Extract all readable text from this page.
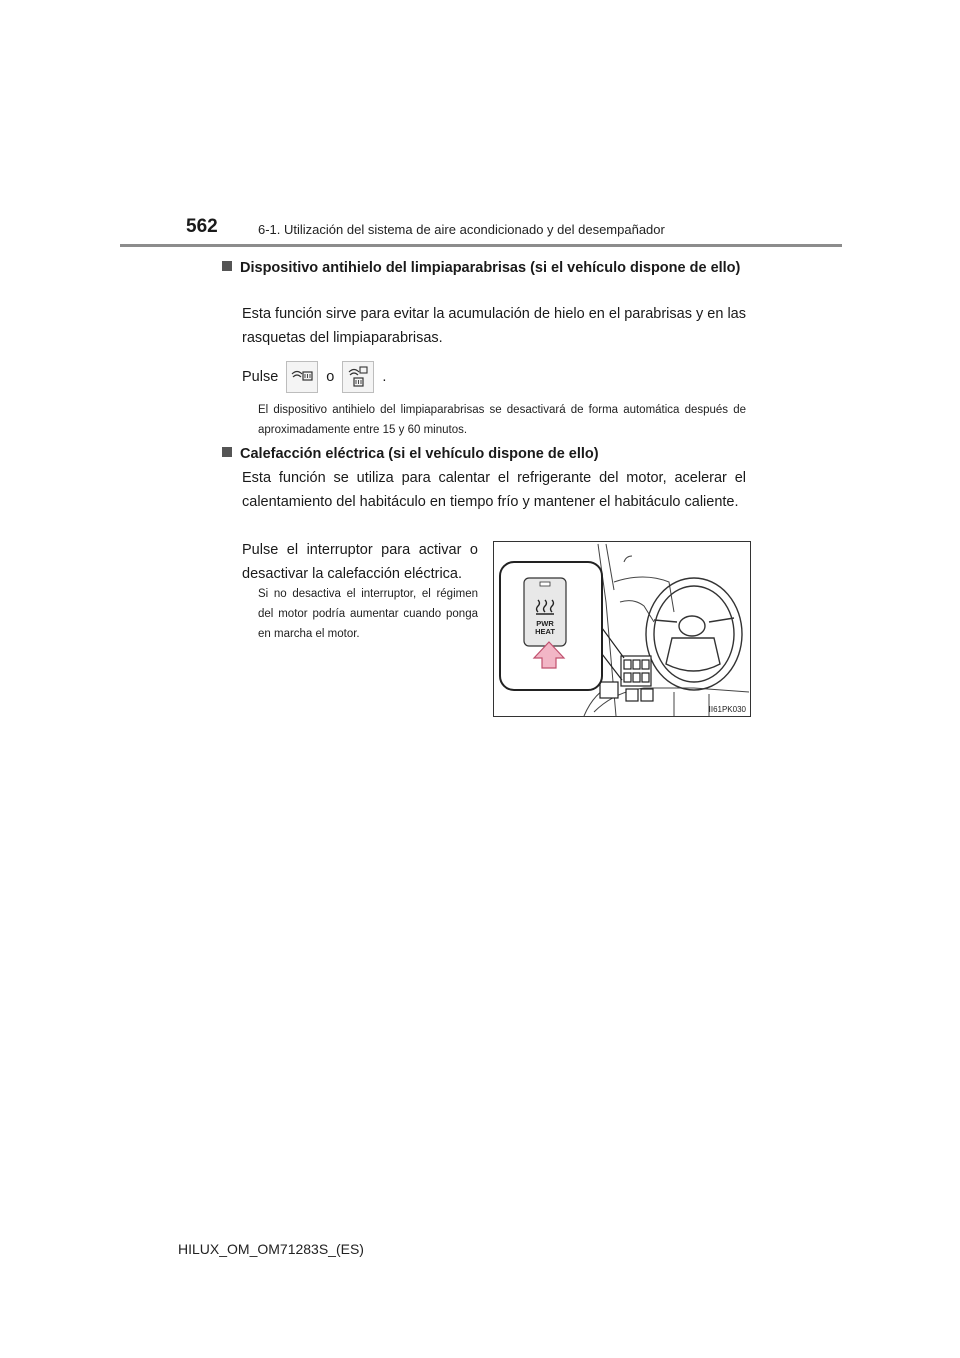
562	6-1. Utilización del sistema de aire acondicionado y del desempañador
Dispositivo antihielo del limpiaparabrisas (si el vehículo dispone de ello)
Esta función sirve para evitar la acumulación de hielo en el parabrisas y en las rasquetas del limpiaparabrisas.
Pulse	o	.
El dispositivo antihielo del limpiaparabrisas se desactivará de forma automática después de aproximadamente entre 15 y 60 minutos.
Calefacción eléctrica (si el vehículo dispone de ello)
Esta función se utiliza para calentar el refrigerante del motor, acelerar el calentamiento del habitáculo en tiempo frío y mantener el habitáculo caliente.
Pulse el interruptor para activar o desactivar la calefacción eléctrica.
Si no desactiva el interruptor, el régimen del motor podría aumentar cuando ponga en marcha el motor.
PWR
HEAT
II61PK030
HILUX_OM_OM71283S_(ES)
